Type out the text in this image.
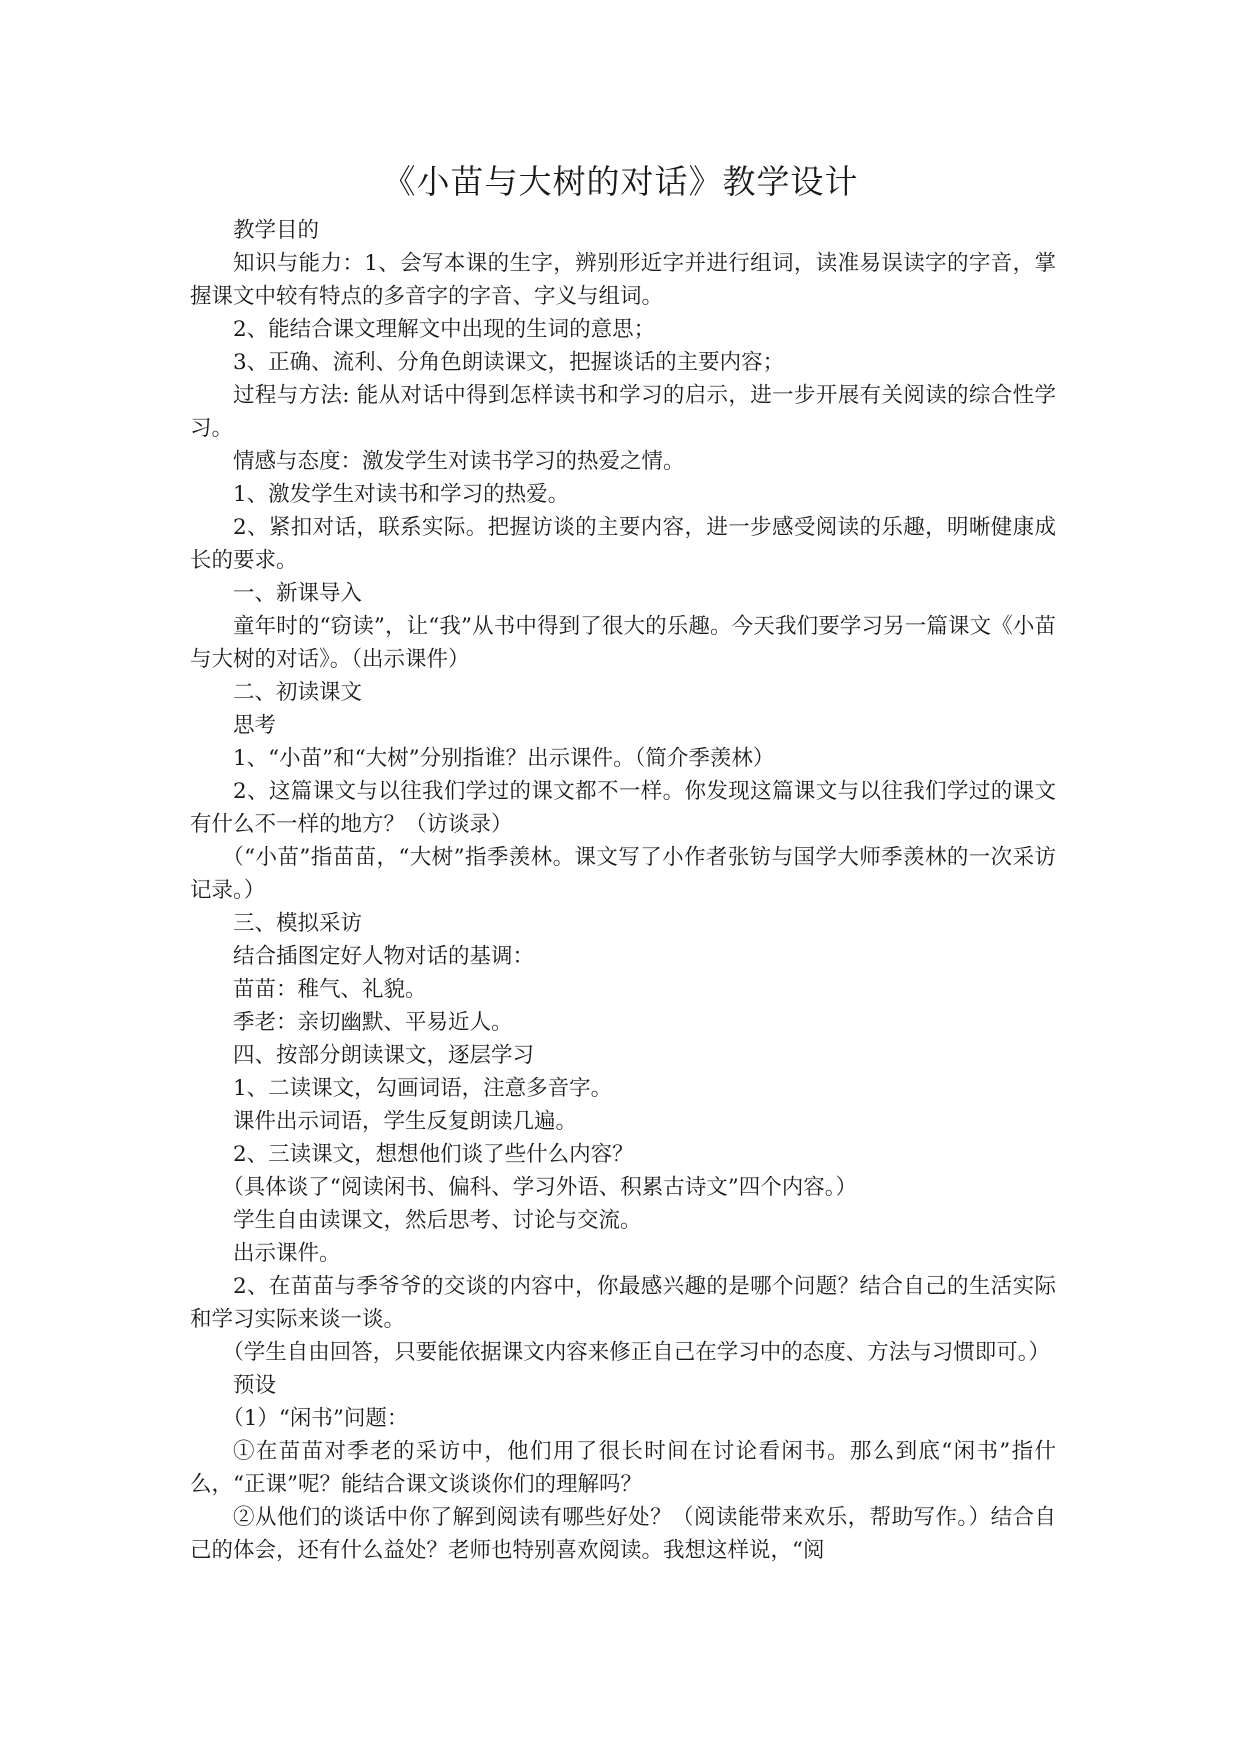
《小苗与大树的对话》教学设计

教学目的

知识与能力：1、会写本课的生字，辨别形近字并进行组词，读准易误读字的字音，掌握课文中较有特点的多音字的字音、字义与组词。

2、能结合课文理解文中出现的生词的意思；

3、正确、流利、分角色朗读课文，把握谈话的主要内容；

过程与方法: 能从对话中得到怎样读书和学习的启示，进一步开展有关阅读的综合性学习。

情感与态度：激发学生对读书学习的热爱之情。

1、激发学生对读书和学习的热爱。

2、紧扣对话，联系实际。把握访谈的主要内容，进一步感受阅读的乐趣，明晰健康成长的要求。

一、新课导入

童年时的“窃读”，让“我”从书中得到了很大的乐趣。今天我们要学习另一篇课文《小苗与大树的对话》。（出示课件）

二、初读课文

思考

1、“小苗”和“大树”分别指谁？出示课件。（简介季羡林）

2、这篇课文与以往我们学过的课文都不一样。你发现这篇课文与以往我们学过的课文有什么不一样的地方？（访谈录）

（“小苗”指苗苗，“大树”指季羡林。课文写了小作者张钫与国学大师季羡林的一次采访记录。）

三、模拟采访

结合插图定好人物对话的基调：

苗苗：稚气、礼貌。

季老：亲切幽默、平易近人。

四、按部分朗读课文，逐层学习

1、二读课文，勾画词语，注意多音字。

课件出示词语，学生反复朗读几遍。

2、三读课文，想想他们谈了些什么内容？

（具体谈了“阅读闲书、偏科、学习外语、积累古诗文”四个内容。）

学生自由读课文，然后思考、讨论与交流。

出示课件。

2、在苗苗与季爷爷的交谈的内容中，你最感兴趣的是哪个问题？结合自己的生活实际和学习实际来谈一谈。

（学生自由回答，只要能依据课文内容来修正自己在学习中的态度、方法与习惯即可。）

预设

（1）“闲书”问题：

①在苗苗对季老的采访中，他们用了很长时间在讨论看闲书。那么到底“闲书”指什么，“正课”呢？能结合课文谈谈你们的理解吗？

②从他们的谈话中你了解到阅读有哪些好处？（阅读能带来欢乐，帮助写作。）结合自己的体会，还有什么益处？老师也特别喜欢阅读。我想这样说，“阅
